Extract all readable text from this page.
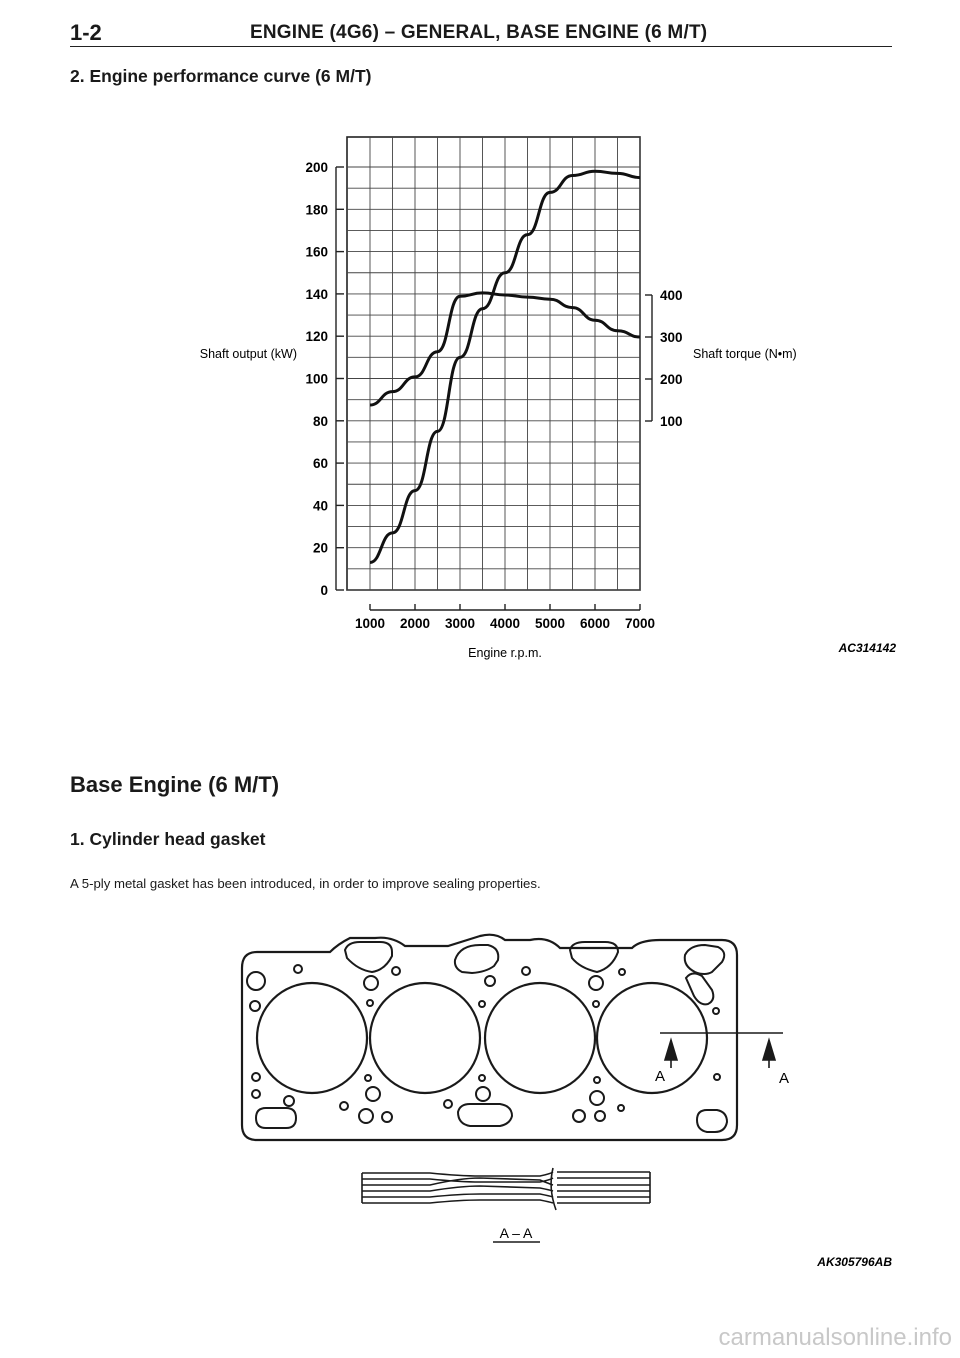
1-2	ENGINE (4G6) – GENERAL, BASE ENGINE (6 M/T)
2. Engine performance curve (6 M/T)
0
20
40
60
80
100
120
140
160
180
200
100
200
300
400
1000 2000 3000 4000 5000 6000 7000
Shaft output (kW)	Shaft torque (N•m)
Engine r.p.m.	AC314142
Base Engine (6 M/T)
1. Cylinder head gasket
A 5-ply metal gasket has been introduced, in order to improve sealing properties.
A	A
A – A
AK305796AB
carmanualsonline.info
